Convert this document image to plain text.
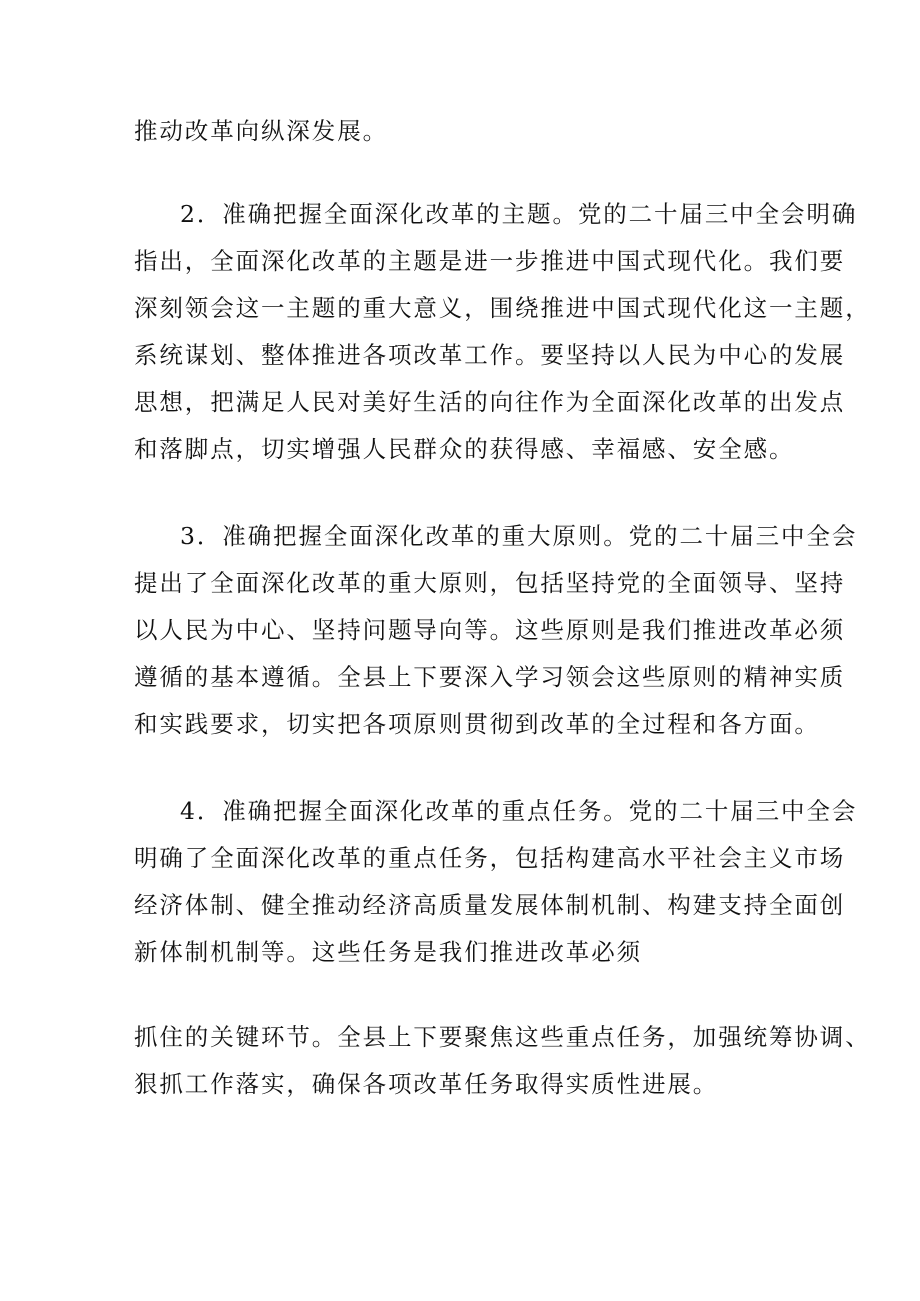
推动改革向纵深发展。
2．准确把握全面深化改革的主题。党的二十届三中全会明确
指出，全面深化改革的主题是进一步推进中国式现代化。我们要
深刻领会这一主题的重大意义，围绕推进中国式现代化这一主题，
系统谋划、整体推进各项改革工作。要坚持以人民为中心的发展
思想，把满足人民对美好生活的向往作为全面深化改革的出发点
和落脚点，切实增强人民群众的获得感、幸福感、安全感。
3．准确把握全面深化改革的重大原则。党的二十届三中全会
提出了全面深化改革的重大原则，包括坚持党的全面领导、坚持
以人民为中心、坚持问题导向等。这些原则是我们推进改革必须
遵循的基本遵循。全县上下要深入学习领会这些原则的精神实质
和实践要求，切实把各项原则贯彻到改革的全过程和各方面。
4．准确把握全面深化改革的重点任务。党的二十届三中全会
明确了全面深化改革的重点任务，包括构建高水平社会主义市场
经济体制、健全推动经济高质量发展体制机制、构建支持全面创
新体制机制等。这些任务是我们推进改革必须
抓住的关键环节。全县上下要聚焦这些重点任务，加强统筹协调、
狠抓工作落实，确保各项改革任务取得实质性进展。
